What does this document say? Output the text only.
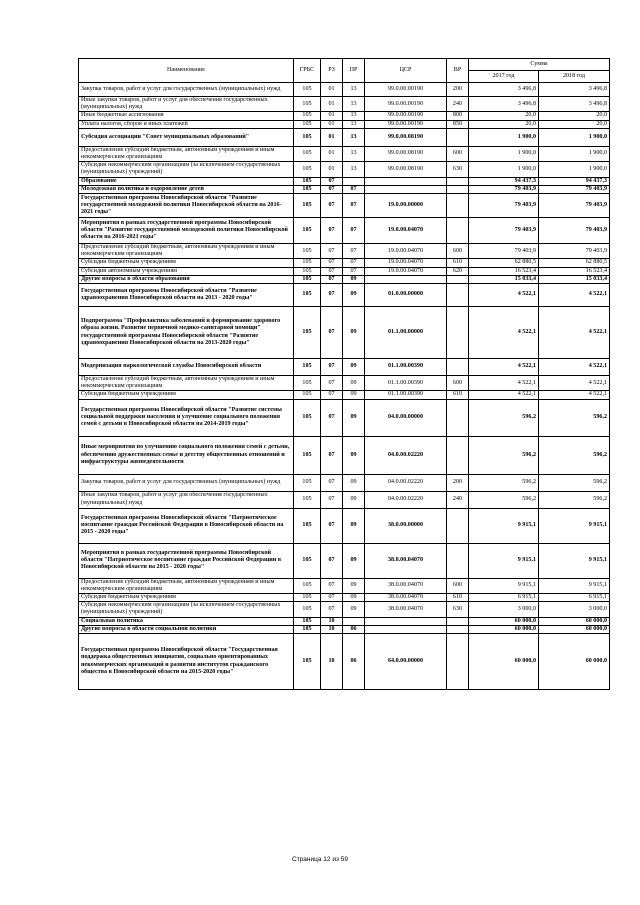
Наименование	ГРБС	РЗ	ПР	ЦСР	ВР	Сумма	
						2017 год	2018 год
Закупка товаров, работ и услуг для государственных (муниципальных) нужд	105	01	13	99.0.00.00190	200	3 496,8	3 496,8
Иные закупки товаров, работ и услуг для обеспечения государственных (муниципальных) нужд	105	01	13	99.0.00.00190	240	3 496,8	3 496,8
Иные бюджетные ассигнования	105	01	13	99.0.00.00190	800	20,0	20,0
Уплата налогов, сборов и иных платежей	105	01	13	99.0.00.00190	850	20,0	20,0
Субсидия ассоциации "Совет муниципальных образований"	105	01	13	99.0.00.08190		1 900,0	1 900,0
Предоставление субсидий бюджетным, автономным учреждениям и иным некоммерческим организациям	105	01	13	99.0.00.08190	600	1 900,0	1 900,0
Субсидии некоммерческим организациям (за исключением государственных (муниципальных) учреждений)	105	01	13	99.0.00.08190	630	1 900,0	1 900,0
Образование	105	07				94 437,3	94 437,3
Молодежная политика и оздоровление детей	105	07	07			79 403,9	79 403,9
Государственная программа Новосибирской области "Развитие государственной молодежной политики Новосибирской области на 2016-2021 годы"	105	07	07	19.0.00.00000		79 403,9	79 403,9
Мероприятия в рамках государственной программы Новосибирской области "Развитие государственной молодежной политики Новосибирской области на 2016-2021 годы"	105	07	07	19.0.00.04070		79 403,9	79 403,9
Предоставление субсидий бюджетным, автономным учреждениям и иным некоммерческим организациям	105	07	07	19.0.00.04070	600	79 403,9	79 403,9
Субсидии бюджетным учреждениям	105	07	07	19.0.00.04070	610	62 880,5	62 880,5
Субсидии автономным учреждениям	105	07	07	19.0.00.04070	620	16 523,4	16 523,4
Другие вопросы в области образования	105	07	09			15 033,4	15 033,4
Государственная программа Новосибирской области "Развитие здравоохранения Новосибирской области на 2013 - 2020 годы"	105	07	09	01.0.00.00000		4 522,1	4 522,1
Подпрограмма "Профилактика заболеваний и формирование здорового образа жизни. Развитие первичной медико-санитарной помощи" государственной программы Новосибирской области "Развитие здравоохранения Новосибирской области на 2013-2020 годы"	105	07	09	01.1.00.00000		4 522,1	4 522,1
Модернизация наркологической службы Новосибирской области	105	07	09	01.1.00.00390		4 522,1	4 522,1
Предоставление субсидий бюджетным, автономным учреждениям и иным некоммерческим организациям	105	07	09	01.1.00.00390	600	4 522,1	4 522,1
Субсидии бюджетным учреждениям	105	07	09	01.1.00.00390	610	4 522,1	4 522,1
Государственная программа Новосибирской области "Развитие системы социальной поддержки населения и улучшение социального положения семей с детьми в Новосибирской области на 2014-2019 годы"	105	07	09	04.0.00.00000		596,2	596,2
Иные мероприятия по улучшению социального положения семей с детьми, обеспечению дружественных семье и детству общественных отношений и инфраструктуры жизнедеятельности	105	07	09	04.0.00.02220		596,2	596,2
Закупка товаров, работ и услуг для государственных (муниципальных) нужд	105	07	09	04.0.00.02220	200	596,2	596,2
Иные закупки товаров, работ и услуг для обеспечения государственных (муниципальных) нужд	105	07	09	04.0.00.02220	240	596,2	596,2
Государственная программа Новосибирской области "Патриотическое воспитание граждан Российской Федерации в Новосибирской области на 2015 - 2020 годы"	105	07	09	38.0.00.00000		9 915,1	9 915,1
Мероприятия в рамках государственной программы Новосибирской области "Патриотическое воспитание граждан Российской Федерации в Новосибирской области на 2015 - 2020 годы"	105	07	09	38.0.00.04070		9 915,1	9 915,1
Предоставление субсидий бюджетным, автономным учреждениям и иным некоммерческим организациям	105	07	09	38.0.00.04070	600	9 915,1	9 915,1
Субсидии бюджетным учреждениям	105	07	09	38.0.00.04070	610	6 915,1	6 915,1
Субсидии некоммерческим организациям (за исключением государственных (муниципальных) учреждений)	105	07	09	38.0.00.04070	630	3 000,0	3 000,0
Социальная политика	105	10				60 000,0	60 000,0
Другие вопросы в области социальной политики	105	10	06			60 000,0	60 000,0
Государственная программа Новосибирской области "Государственная поддержка общественных инициатив, социально ориентированных некоммерческих организаций и развития институтов гражданского общества в Новосибирской области на 2015-2020 годы"	105	10	06	64.0.00.00000		60 000,0	60 000,0
Страница 12 из 59
